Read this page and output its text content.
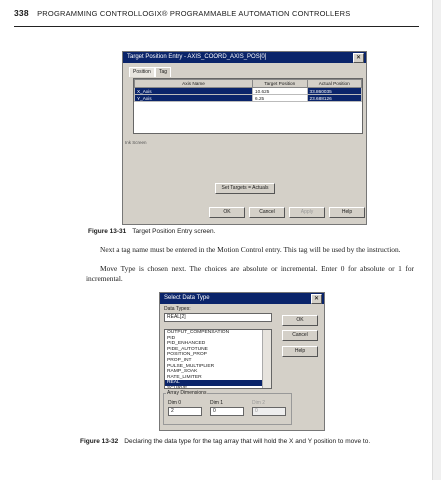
338 PROGRAMMING CONTROLLOGIX® PROGRAMMABLE AUTOMATION CONTROLLERS
Target Position Entry - AXIS_COORD_AXIS_POS[0]	✕
Position	Tag
Axis Name	Target Position	Actual Position
X_Axis	10.625	33.860035
Y_Axis	6.25	23.688126
Ink Screen
Set Targets = Actuals
OK	Cancel	Apply	Help
Figure 13-31 Target Position Entry screen.
Next a tag name must be entered in the Motion Control entry. This tag will be used by the instruction.
Move Type is chosen next. The choices are absolute or incremental. Enter 0 for absolute or 1 for incremental.
Select Data Type	✕
Data Types:
REAL[2]
OUTPUT_COMPENSATION
PID
PID_ENHANCED
PIDE_AUTOTUNE
POSITION_PROP
PROP_INT
PULSE_MULTIPLIER
RAMP_SOAK
RATE_LIMITER
REAL
SCURVE
OK
Cancel
Help
Array Dimensions
Dim 0	Dim 1	Dim 2
2	0	0
Figure 13-32 Declaring the data type for the tag array that will hold the X and Y position to move to.
